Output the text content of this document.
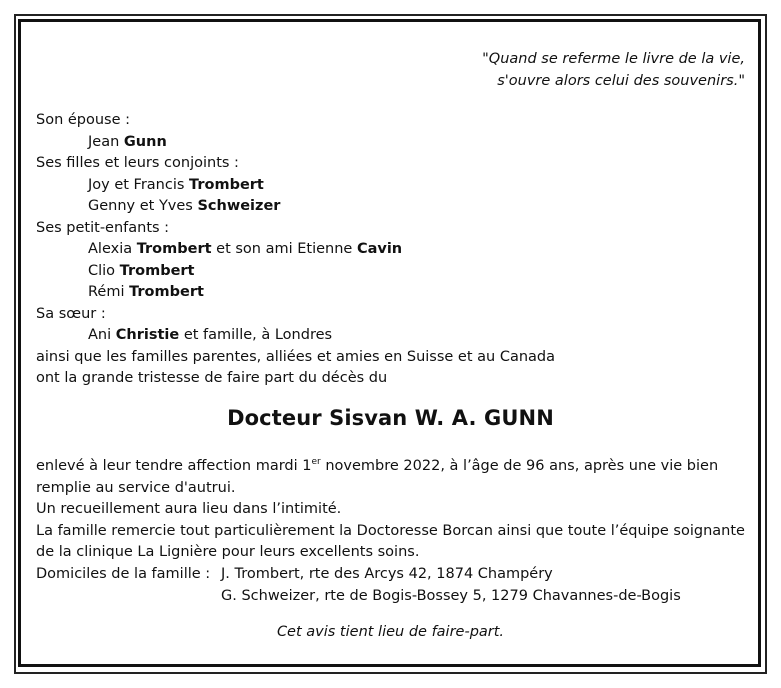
"Quand se referme le livre de la vie,
s'ouvre alors celui des souvenirs."
Son épouse :
Jean Gunn
Ses filles et leurs conjoints :
Joy et Francis Trombert
Genny et Yves Schweizer
Ses petit-enfants :
Alexia Trombert et son ami Etienne Cavin
Clio Trombert
Rémi Trombert
Sa sœur :
Ani Christie et famille, à Londres
ainsi que les familles parentes, alliées et amies en Suisse et au Canada
ont la grande tristesse de faire part du décès du
Docteur Sisvan W. A. GUNN

enlevé à leur tendre affection mardi 1er novembre 2022, à l’âge de 96 ans, après une vie bien remplie au service d'autrui.

Un recueillement aura lieu dans l’intimité.

La famille remercie tout particulièrement la Doctoresse Borcan ainsi que toute l’équipe soignante de la clinique La Lignière pour leurs excellents soins.

Domiciles de la famille : J. Trombert, rte des Arcys 42, 1874 Champéry
G. Schweizer, rte de Bogis-Bossey 5, 1279 Chavannes-de-Bogis
Cet avis tient lieu de faire-part.
